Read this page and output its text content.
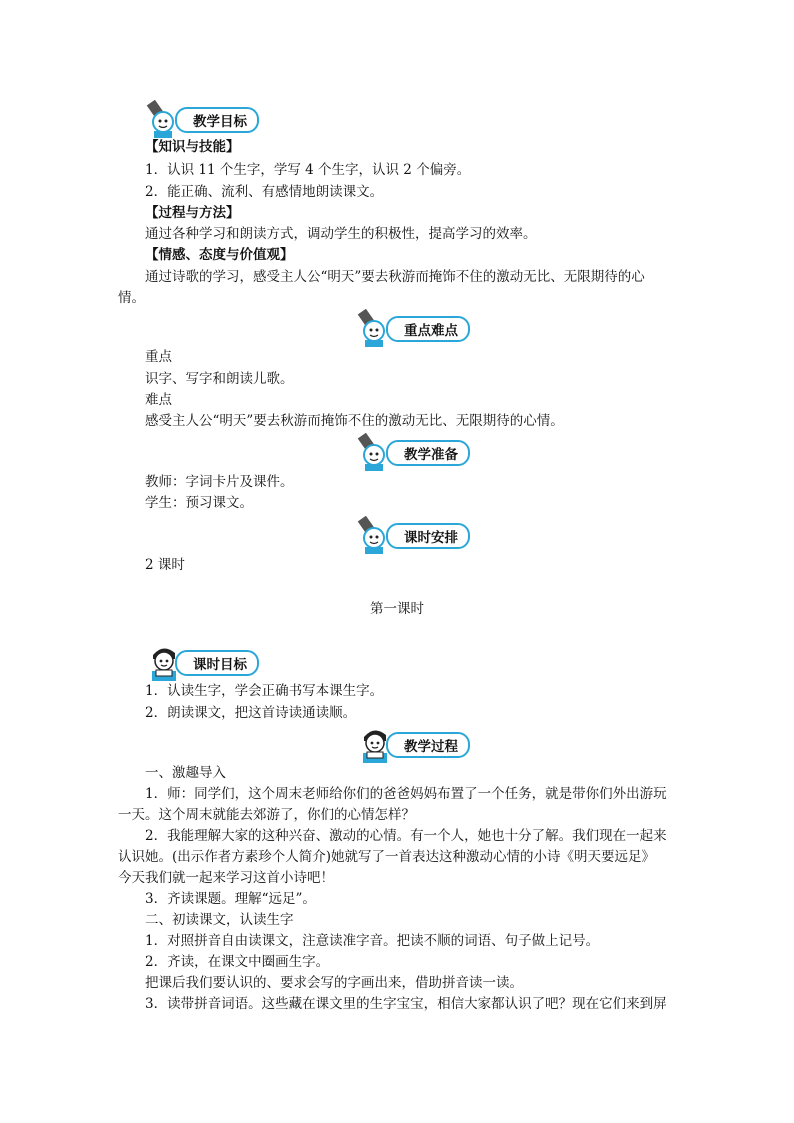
教学目标
【知识与技能】
1．认识 11 个生字，学写 4 个生字，认识 2 个偏旁。
2．能正确、流利、有感情地朗读课文。
【过程与方法】
通过各种学习和朗读方式，调动学生的积极性，提高学习的效率。
【情感、态度与价值观】
通过诗歌的学习，感受主人公“明天”要去秋游而掩饰不住的激动无比、无限期待的心
情。
重点难点
重点
识字、写字和朗读儿歌。
难点
感受主人公“明天”要去秋游而掩饰不住的激动无比、无限期待的心情。
教学准备
教师：字词卡片及课件。
学生：预习课文。
课时安排
2 课时
第一课时
课时目标
1．认读生字，学会正确书写本课生字。
2．朗读课文，把这首诗读通读顺。
教学过程
一、激趣导入
1．师：同学们，这个周末老师给你们的爸爸妈妈布置了一个任务，就是带你们外出游玩
一天。这个周末就能去郊游了，你们的心情怎样？
2．我能理解大家的这种兴奋、激动的心情。有一个人，她也十分了解。我们现在一起来
认识她。(出示作者方素珍个人简介)她就写了一首表达这种激动心情的小诗《明天要远足》
今天我们就一起来学习这首小诗吧！
3．齐读课题。理解“远足”。
二、初读课文，认读生字
1．对照拼音自由读课文，注意读准字音。把读不顺的词语、句子做上记号。
2．齐读，在课文中圈画生字。
把课后我们要认识的、要求会写的字画出来，借助拼音读一读。
3．读带拼音词语。这些藏在课文里的生字宝宝，相信大家都认识了吧？现在它们来到屏
